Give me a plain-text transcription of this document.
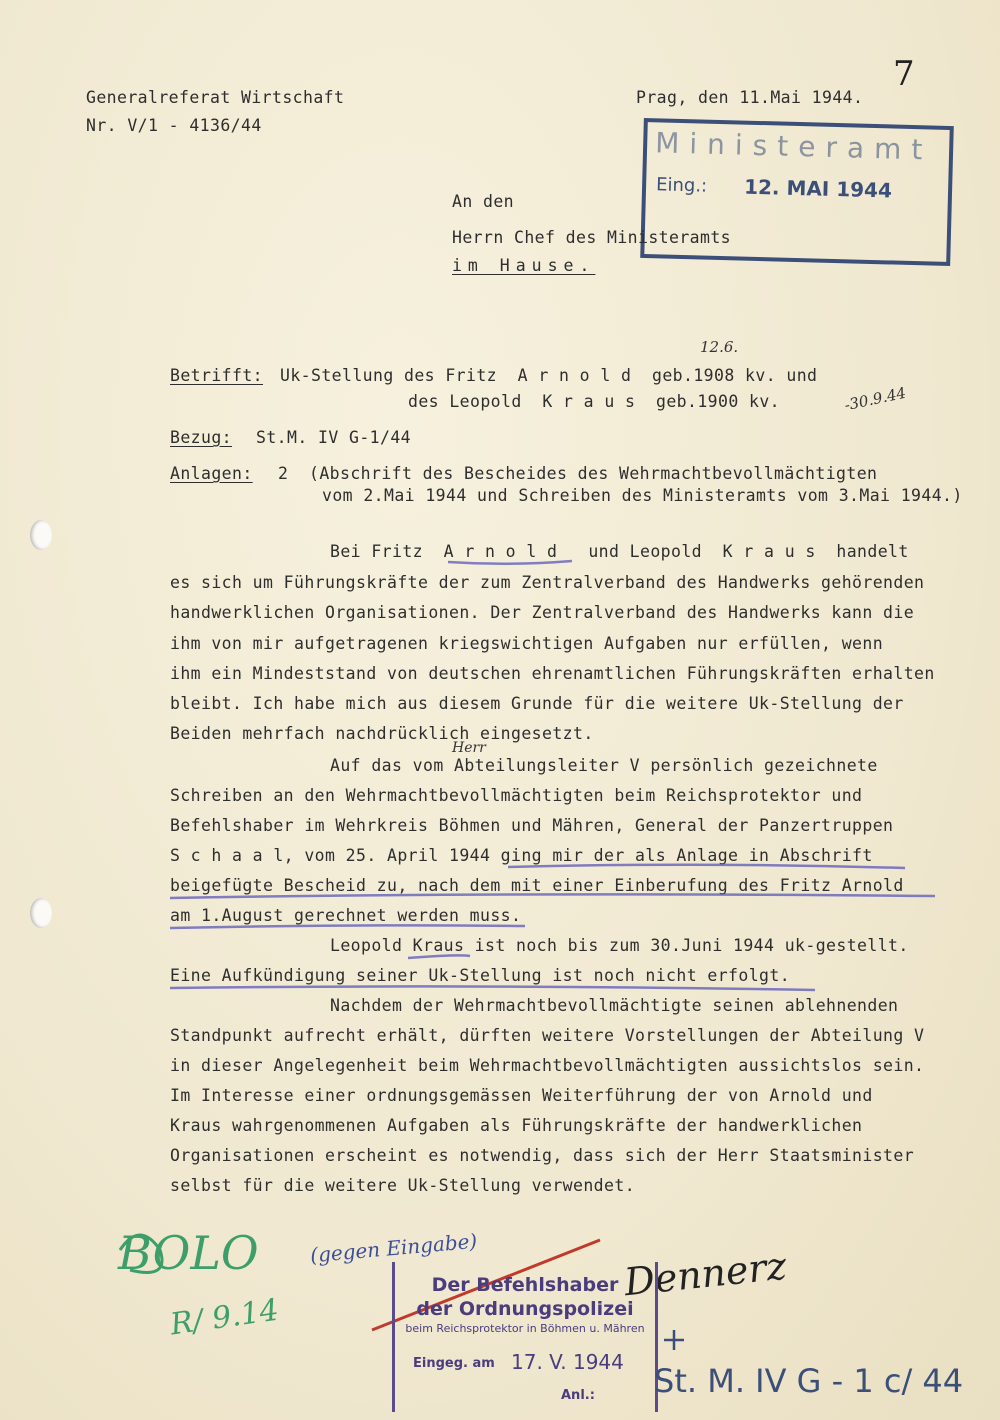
7
Generalreferat Wirtschaft
Nr. V/1 - 4136/44
Prag, den 11.Mai 1944.
Ministeramt
Eing.: 12. MAI 1944
An den
Herrn Chef des Ministeramts
im Hause.
Betrifft: Uk-Stellung des Fritz  A r n o l d  geb.1908 kv. und
des Leopold  K r a u s  geb.1900 kv.
12.6.
-30.9.44
Bezug: St.M. IV G-1/44
Anlagen: 2  (Abschrift des Bescheides des Wehrmachtbevollmächtigten
vom 2.Mai 1944 und Schreiben des Ministeramts vom 3.Mai 1944.)
Bei Fritz  A r n o l d   und Leopold  K r a u s  handelt
es sich um Führungskräfte der zum Zentralverband des Handwerks gehörenden
handwerklichen Organisationen. Der Zentralverband des Handwerks kann die
ihm von mir aufgetragenen kriegswichtigen Aufgaben nur erfüllen, wenn
ihm ein Mindeststand von deutschen ehrenamtlichen Führungskräften erhalten
bleibt. Ich habe mich aus diesem Grunde für die weitere Uk-Stellung der
Beiden mehrfach nachdrücklich eingesetzt.
Herr
Auf das vom Abteilungsleiter V persönlich gezeichnete
Schreiben an den Wehrmachtbevollmächtigten beim Reichsprotektor und
Befehlshaber im Wehrkreis Böhmen und Mähren, General der Panzertruppen
S c h a a l, vom 25. April 1944 ging mir der als Anlage in Abschrift
beigefügte Bescheid zu, nach dem mit einer Einberufung des Fritz Arnold
am 1.August gerechnet werden muss.
Leopold Kraus ist noch bis zum 30.Juni 1944 uk-gestellt.
Eine Aufkündigung seiner Uk-Stellung ist noch nicht erfolgt.
Nachdem der Wehrmachtbevollmächtigte seinen ablehnenden
Standpunkt aufrecht erhält, dürften weitere Vorstellungen der Abteilung V
in dieser Angelegenheit beim Wehrmachtbevollmächtigten aussichtslos sein.
Im Interesse einer ordnungsgemässen Weiterführung der von Arnold und
Kraus wahrgenommenen Aufgaben als Führungskräfte der handwerklichen
Organisationen erscheint es notwendig, dass sich der Herr Staatsminister
selbst für die weitere Uk-Stellung verwendet.
BOLO
R/ 9.14
(gegen Eingabe)	Dennerz
Der Befehlshaber
der Ordnungspolizei
beim Reichsprotektor in Böhmen u. Mähren
Eingeg. am 17. V. 1944
Anl.: St. M. IV G - 1 c/ 44
